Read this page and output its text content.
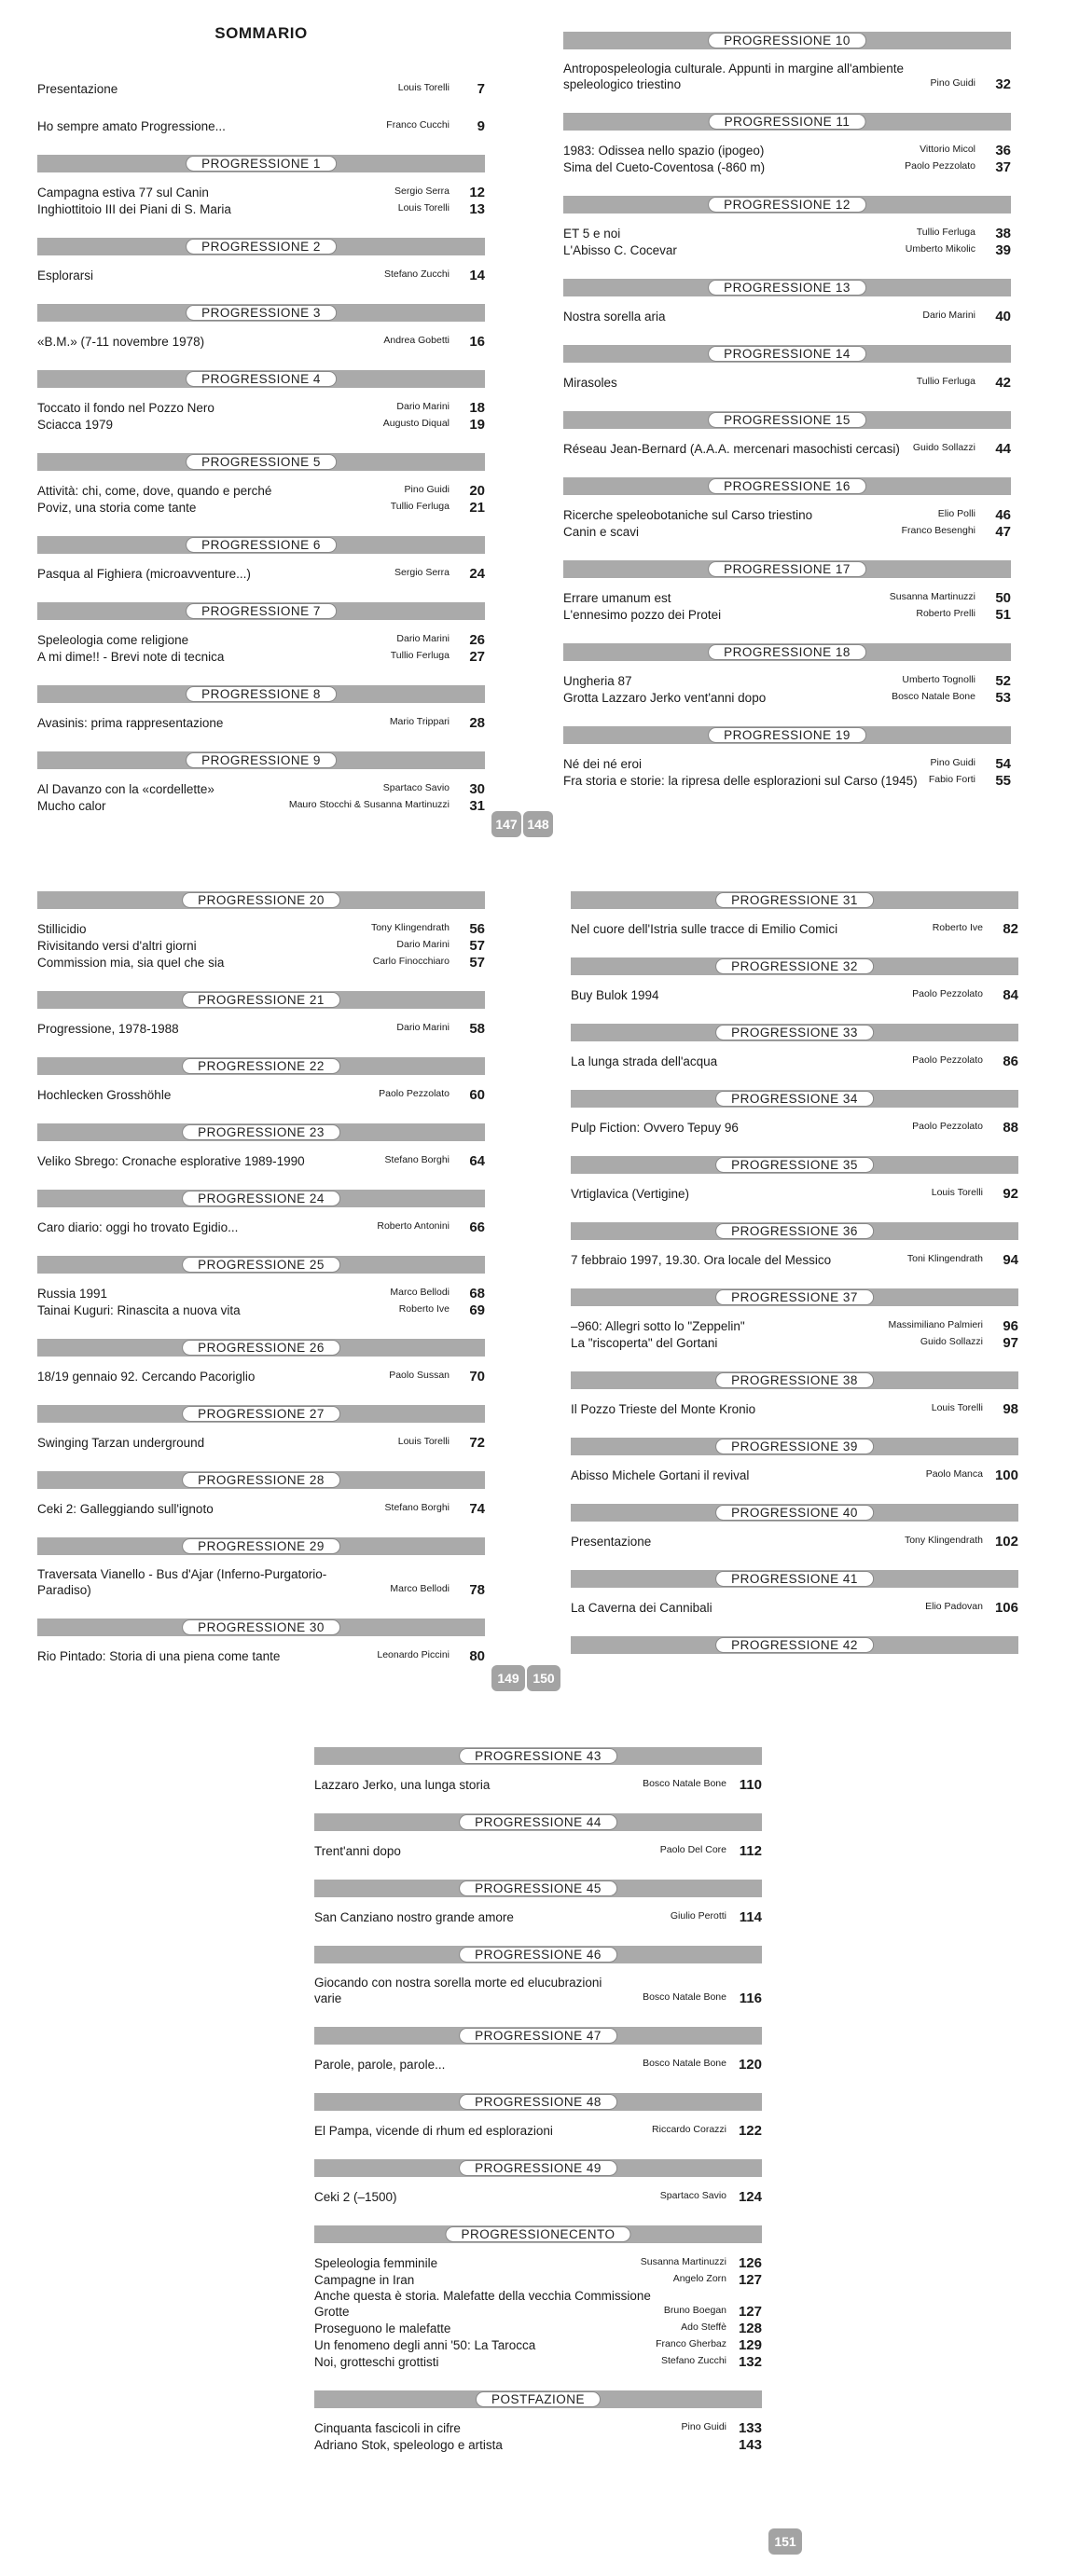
SOMMARIO
Presentazione	Louis Torelli	7
Ho sempre amato Progressione...	Franco Cucchi	9
PROGRESSIONE 1
Campagna estiva 77 sul Canin	Sergio Serra	12
Inghiottitoio III dei Piani di S. Maria	Louis Torelli	13
PROGRESSIONE 2
Esplorarsi	Stefano Zucchi	14
PROGRESSIONE 3
«B.M.» (7-11 novembre 1978)	Andrea Gobetti	16
PROGRESSIONE 4
Toccato il fondo nel Pozzo Nero	Dario Marini	18
Sciacca 1979	Augusto Diqual	19
PROGRESSIONE 5
Attività: chi, come, dove, quando e perché	Pino Guidi	20
Poviz, una storia come tante	Tullio Ferluga	21
PROGRESSIONE 6
Pasqua al Fighiera (microavventure...)	Sergio Serra	24
PROGRESSIONE 7
Speleologia come religione	Dario Marini	26
A mi dime!! - Brevi note di tecnica	Tullio Ferluga	27
PROGRESSIONE 8
Avasinis: prima rappresentazione	Mario Trippari	28
PROGRESSIONE 9
Al Davanzo con la «cordellette»	Spartaco Savio	30
Mucho calor	Mauro Stocchi & Susanna Martinuzzi	31
PROGRESSIONE 10
Antropospeleologia culturale. Appunti in margine all'ambiente speleologico triestino	Pino Guidi	32
PROGRESSIONE 11
1983: Odissea nello spazio (ipogeo)	Vittorio Micol	36
Sima del Cueto-Coventosa (-860 m)	Paolo Pezzolato	37
PROGRESSIONE 12
ET 5 e noi	Tullio Ferluga	38
L'Abisso C. Cocevar	Umberto Mikolic	39
PROGRESSIONE 13
Nostra sorella aria	Dario Marini	40
PROGRESSIONE 14
Mirasoles	Tullio Ferluga	42
PROGRESSIONE 15
Réseau Jean-Bernard (A.A.A. mercenari masochisti cercasi) Guido Sollazzi	44
PROGRESSIONE 16
Ricerche speleobotaniche sul Carso triestino	Elio Polli	46
Canin e scavi	Franco Besenghi	47
PROGRESSIONE 17
Errare umanum est	Susanna Martinuzzi	50
L'ennesimo pozzo dei Protei	Roberto Prelli	51
PROGRESSIONE 18
Ungheria 87	Umberto Tognolli	52
Grotta Lazzaro Jerko vent'anni dopo	Bosco Natale Bone	53
PROGRESSIONE 19
Né dei né eroi	Pino Guidi	54
Fra storia e storie: la ripresa delle esplorazioni sul Carso (1945) Fabio Forti	55
PROGRESSIONE 20
Stillicidio	Tony Klingendrath	56
Rivisitando versi d'altri giorni	Dario Marini	57
Commission mia, sia quel che sia	Carlo Finocchiaro	57
PROGRESSIONE 21
Progressione, 1978-1988	Dario Marini	58
PROGRESSIONE 22
Hochlecken Grosshöhle	Paolo Pezzolato	60
PROGRESSIONE 23
Veliko Sbrego: Cronache esplorative 1989-1990	Stefano Borghi	64
PROGRESSIONE 24
Caro diario: oggi ho trovato Egidio...	Roberto Antonini	66
PROGRESSIONE 25
Russia 1991	Marco Bellodi	68
Tainai Kuguri: Rinascita a nuova vita	Roberto Ive	69
PROGRESSIONE 26
18/19 gennaio 92. Cercando Pacoriglio	Paolo Sussan	70
PROGRESSIONE 27
Swinging Tarzan underground	Louis Torelli	72
PROGRESSIONE 28
Ceki 2: Galleggiando sull'ignoto	Stefano Borghi	74
PROGRESSIONE 29
Traversata Vianello - Bus d'Ajar (Inferno-Purgatorio-Paradiso)	Marco Bellodi	78
PROGRESSIONE 30
Rio Pintado: Storia di una piena come tante	Leonardo Piccini	80
PROGRESSIONE 31
Nel cuore dell'Istria sulle tracce di Emilio Comici	Roberto Ive	82
PROGRESSIONE 32
Buy Bulok 1994	Paolo Pezzolato	84
PROGRESSIONE 33
La lunga strada dell'acqua	Paolo Pezzolato	86
PROGRESSIONE 34
Pulp Fiction: Ovvero Tepuy 96	Paolo Pezzolato	88
PROGRESSIONE 35
Vrtiglavica (Vertigine)	Louis Torelli	92
PROGRESSIONE 36
7 febbraio 1997, 19.30. Ora locale del Messico	Toni Klingendrath	94
PROGRESSIONE 37
–960: Allegri sotto lo "Zeppelin"	Massimiliano Palmieri	96
La "riscoperta" del Gortani	Guido Sollazzi	97
PROGRESSIONE 38
Il Pozzo Trieste del Monte Kronio	Louis Torelli	98
PROGRESSIONE 39
Abisso Michele Gortani il revival	Paolo Manca 100
PROGRESSIONE 40
Presentazione	Tony Klingendrath 102
PROGRESSIONE 41
La Caverna dei Cannibali	Elio Padovan 106
PROGRESSIONE 42
PROGRESSIONE 43
Lazzaro Jerko, una lunga storia	Bosco Natale Bone 110
PROGRESSIONE 44
Trent'anni dopo	Paolo Del Core 112
PROGRESSIONE 45
San Canziano nostro grande amore	Giulio Perotti 114
PROGRESSIONE 46
Giocando con nostra sorella morte ed elucubrazioni varie	Bosco Natale Bone 116
PROGRESSIONE 47
Parole, parole, parole...	Bosco Natale Bone 120
PROGRESSIONE 48
El Pampa, vicende di rhum ed esplorazioni	Riccardo Corazzi 122
PROGRESSIONE 49
Ceki 2 (–1500)	Spartaco Savio 124
PROGRESSIONECENTO
Speleologia femminile	Susanna Martinuzzi 126
Campagne in Iran	Angelo Zorn 127
Anche questa è storia. Malefatte della vecchia Commissione Grotte	Bruno Boegan 127
Proseguono le malefatte	Ado Steffè 128
Un fenomeno degli anni '50: La Tarocca	Franco Gherbaz 129
Noi, grotteschi grottisti	Stefano Zucchi 132
POSTFAZIONE
Cinquanta fascicoli in cifre	Pino Guidi 133
Adriano Stok, speleologo e artista	143
147 148
149	150
151
